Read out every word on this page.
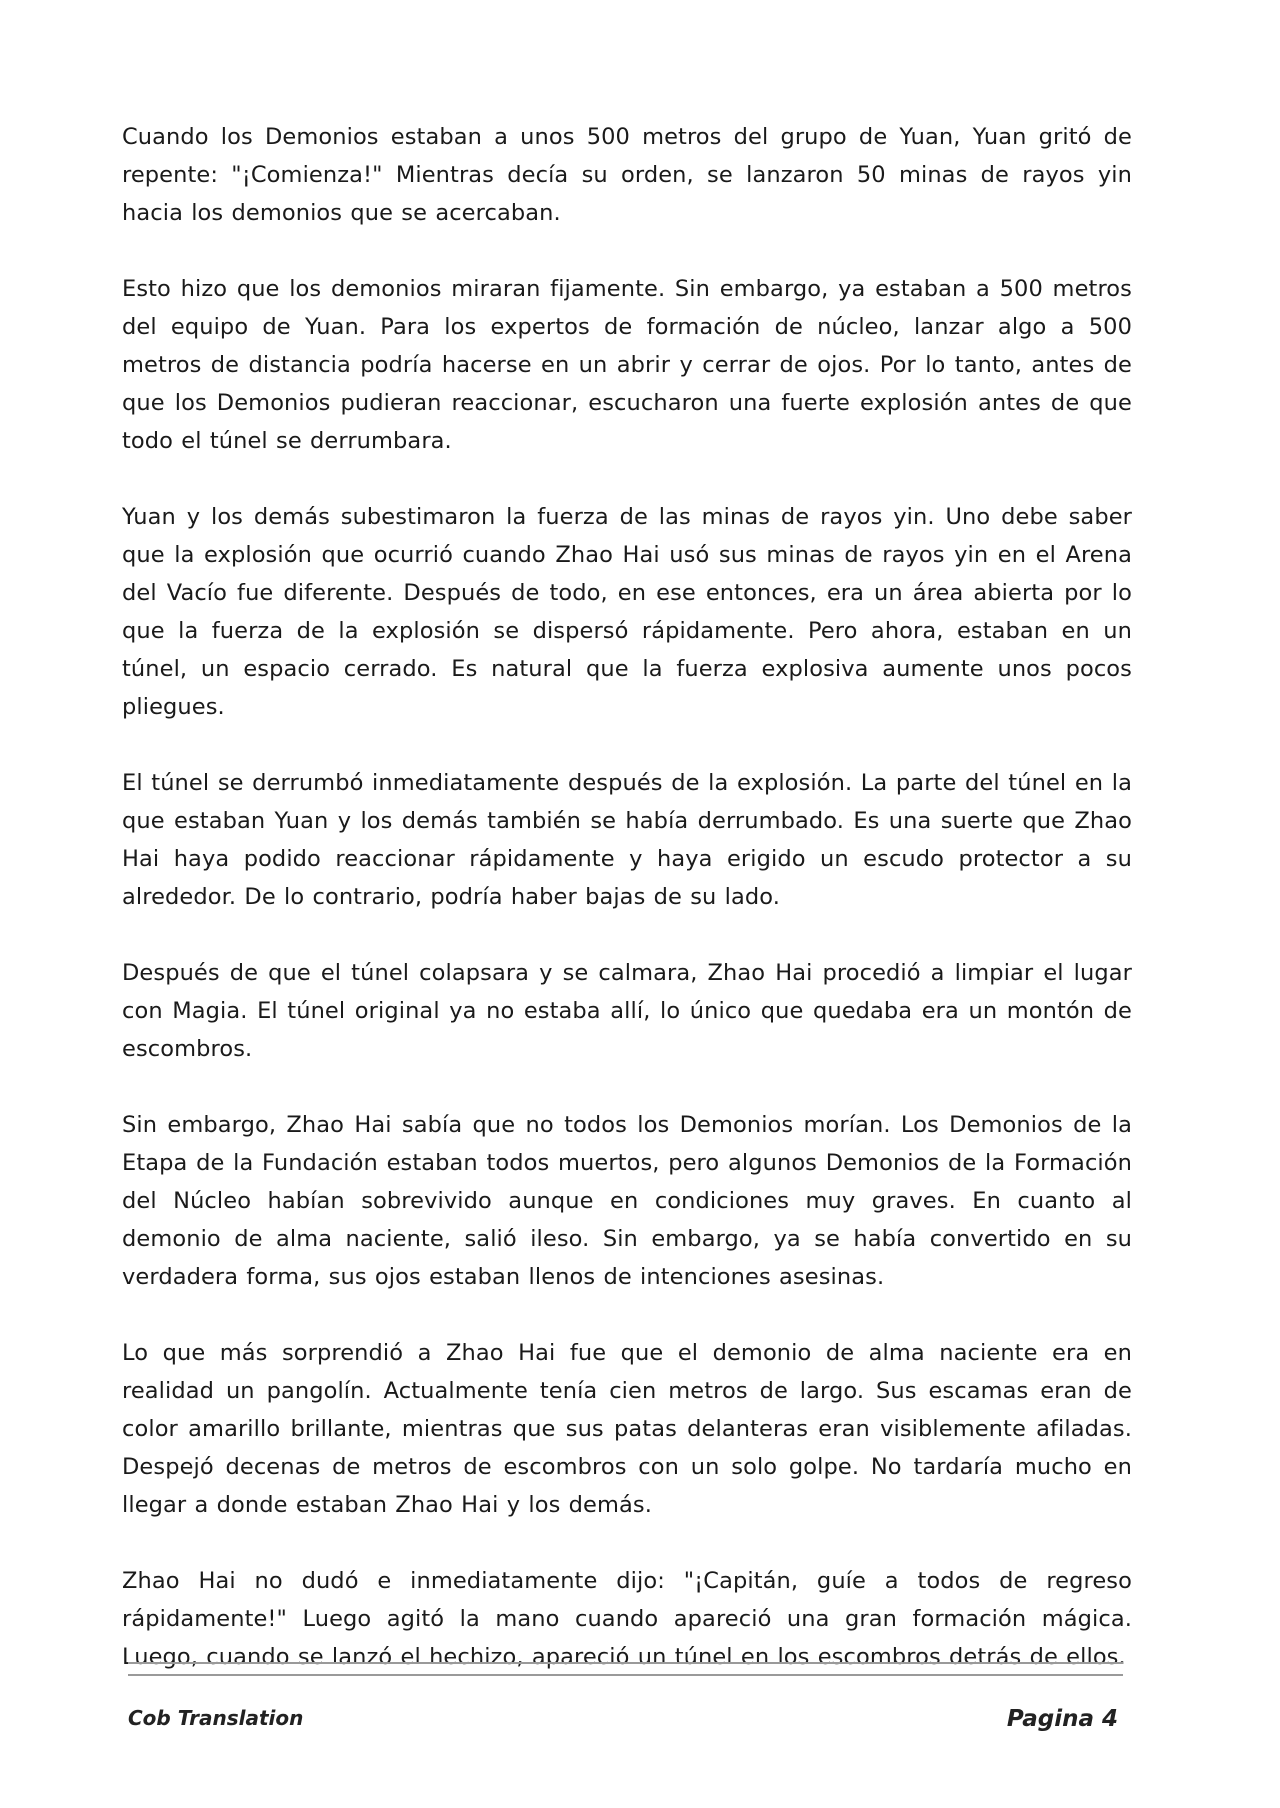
Cuando los Demonios estaban a unos 500 metros del grupo de Yuan, Yuan gritó de repente: "¡Comienza!" Mientras decía su orden, se lanzaron 50 minas de rayos yin hacia los demonios que se acercaban.

Esto hizo que los demonios miraran fijamente. Sin embargo, ya estaban a 500 metros del equipo de Yuan. Para los expertos de formación de núcleo, lanzar algo a 500 metros de distancia podría hacerse en un abrir y cerrar de ojos. Por lo tanto, antes de que los Demonios pudieran reaccionar, escucharon una fuerte explosión antes de que todo el túnel se derrumbara.

Yuan y los demás subestimaron la fuerza de las minas de rayos yin. Uno debe saber que la explosión que ocurrió cuando Zhao Hai usó sus minas de rayos yin en el Arena del Vacío fue diferente. Después de todo, en ese entonces, era un área abierta por lo que la fuerza de la explosión se dispersó rápidamente. Pero ahora, estaban en un túnel, un espacio cerrado. Es natural que la fuerza explosiva aumente unos pocos pliegues.

El túnel se derrumbó inmediatamente después de la explosión. La parte del túnel en la que estaban Yuan y los demás también se había derrumbado. Es una suerte que Zhao Hai haya podido reaccionar rápidamente y haya erigido un escudo protector a su alrededor. De lo contrario, podría haber bajas de su lado.

Después de que el túnel colapsara y se calmara, Zhao Hai procedió a limpiar el lugar con Magia. El túnel original ya no estaba allí, lo único que quedaba era un montón de escombros.

Sin embargo, Zhao Hai sabía que no todos los Demonios morían. Los Demonios de la Etapa de la Fundación estaban todos muertos, pero algunos Demonios de la Formación del Núcleo habían sobrevivido aunque en condiciones muy graves. En cuanto al demonio de alma naciente, salió ileso. Sin embargo, ya se había convertido en su verdadera forma, sus ojos estaban llenos de intenciones asesinas.

Lo que más sorprendió a Zhao Hai fue que el demonio de alma naciente era en realidad un pangolín. Actualmente tenía cien metros de largo. Sus escamas eran de color amarillo brillante, mientras que sus patas delanteras eran visiblemente afiladas. Despejó decenas de metros de escombros con un solo golpe. No tardaría mucho en llegar a donde estaban Zhao Hai y los demás.

Zhao Hai no dudó e inmediatamente dijo: "¡Capitán, guíe a todos de regreso rápidamente!" Luego agitó la mano cuando apareció una gran formación mágica. Luego, cuando se lanzó el hechizo, apareció un túnel en los escombros detrás de ellos.

Cob Translation	Pagina 4
